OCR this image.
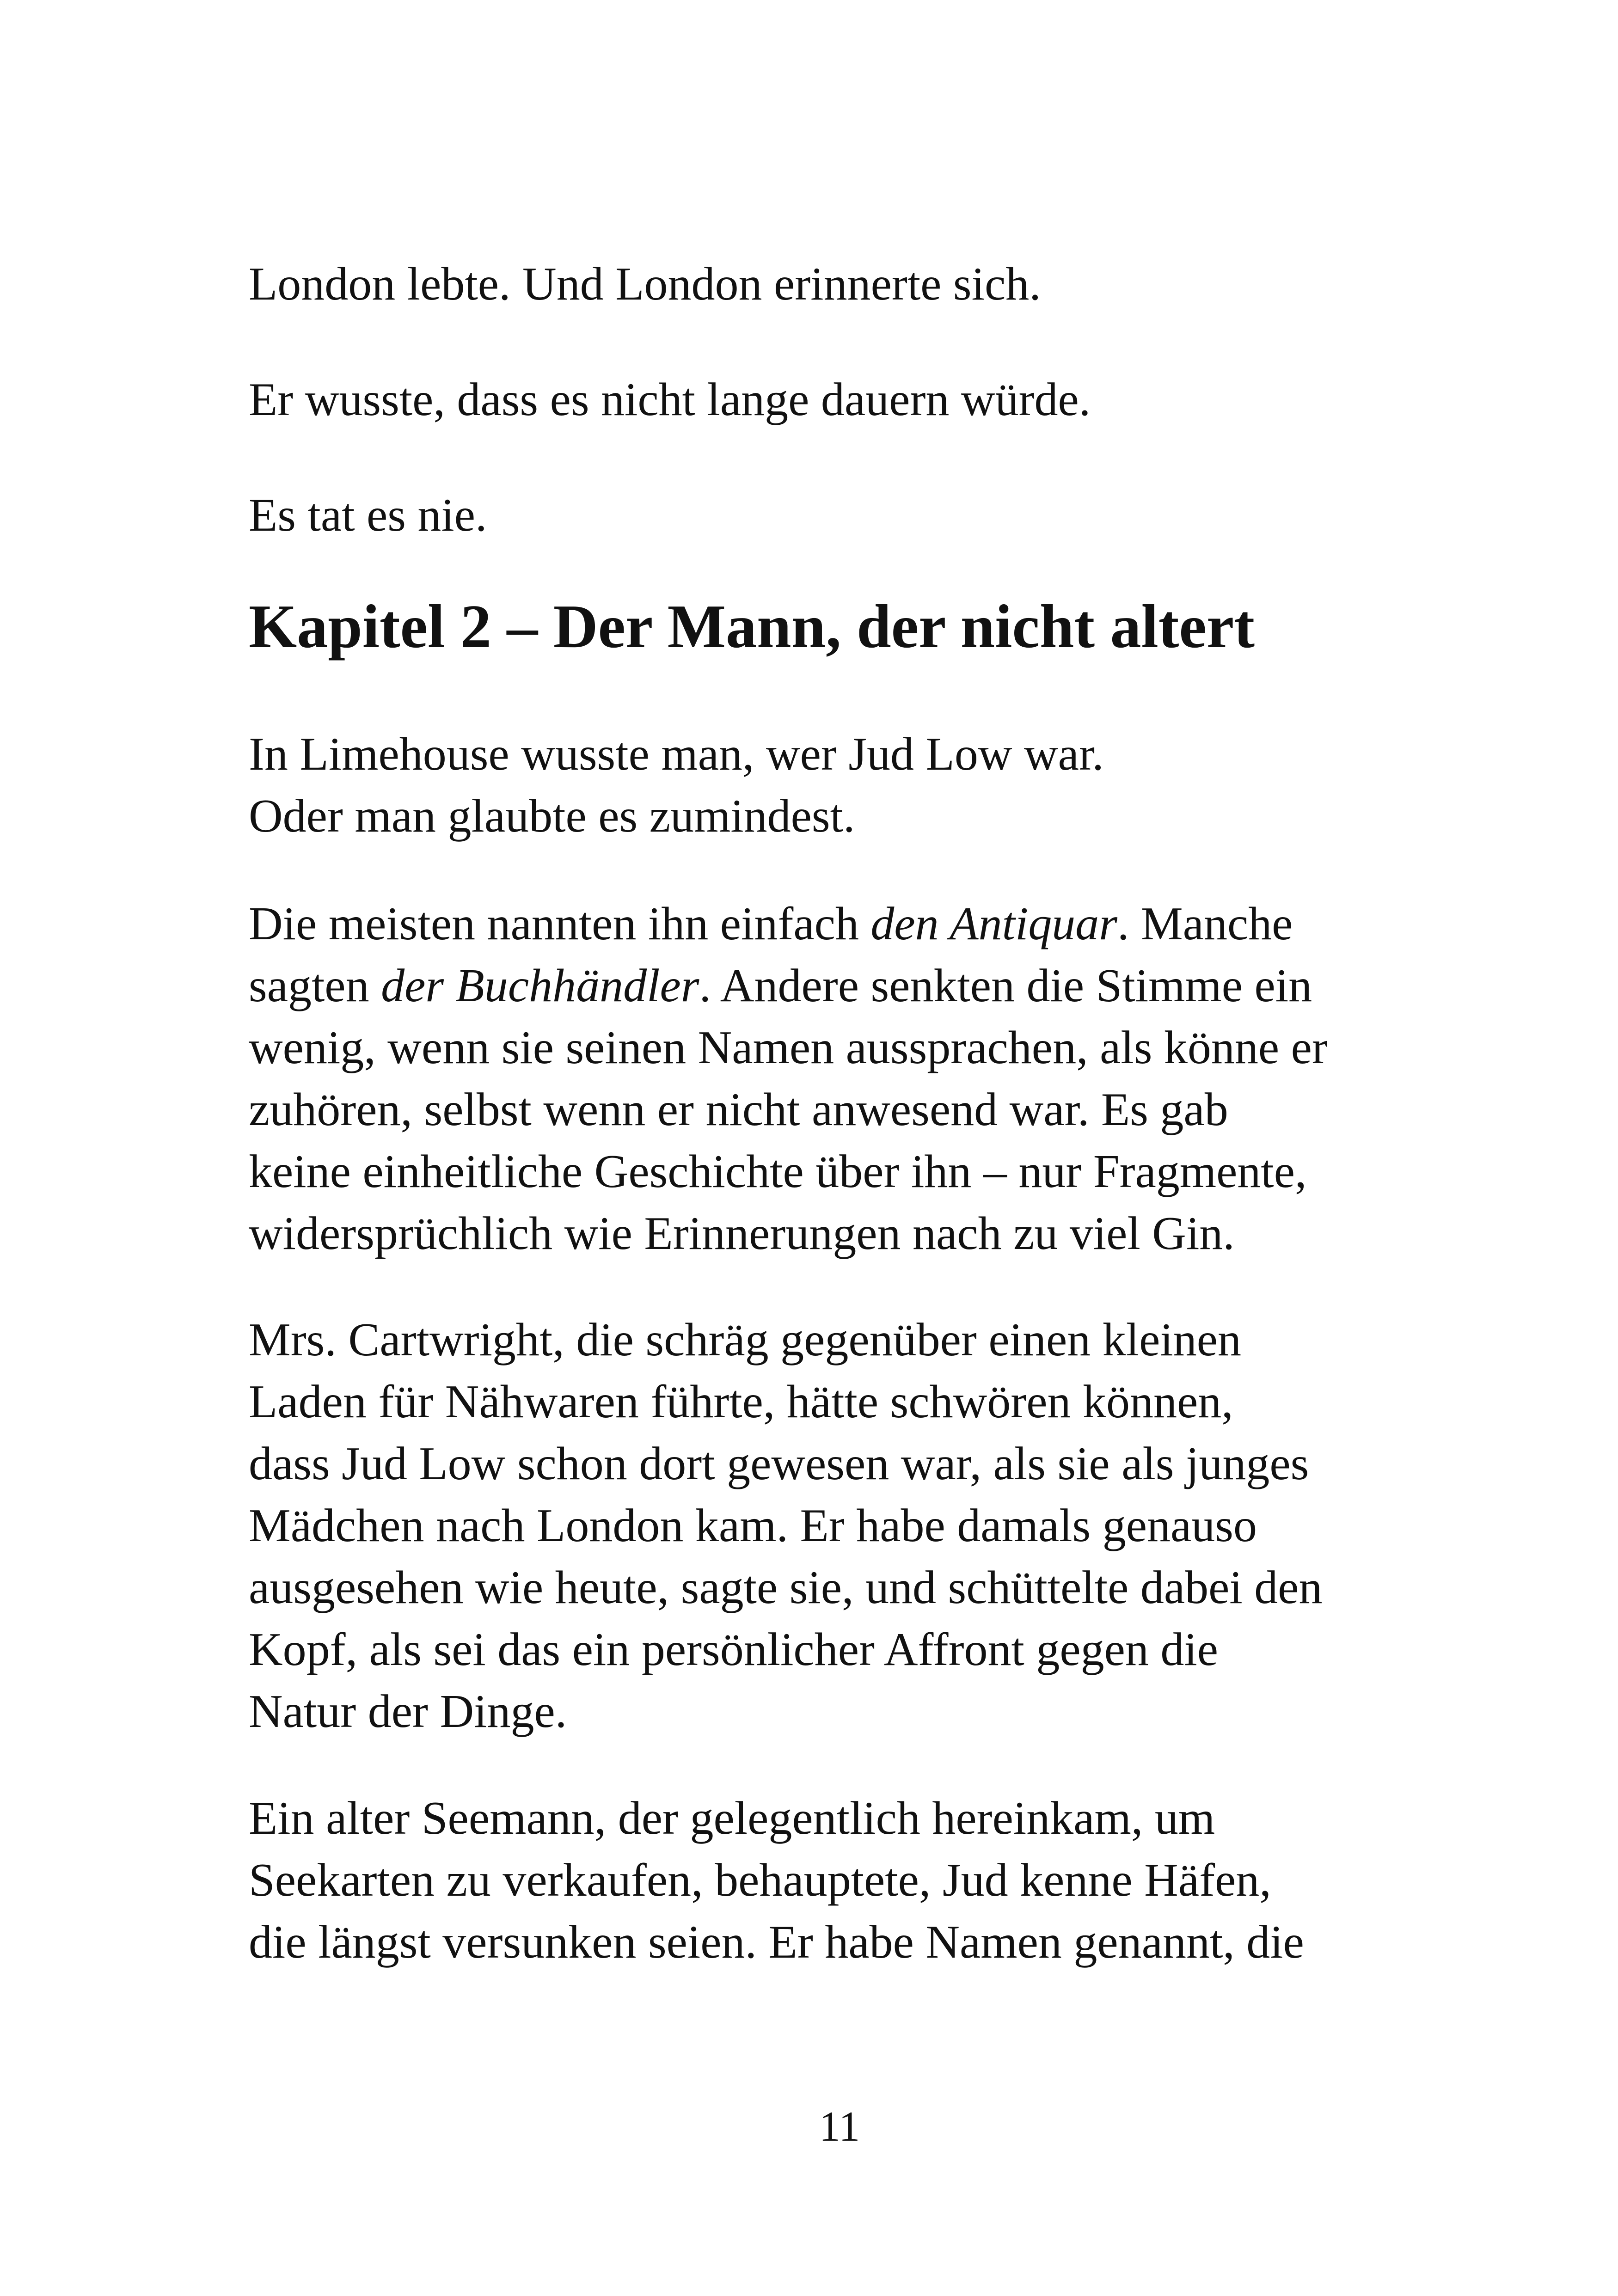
London lebte. Und London erinnerte sich.

Er wusste, dass es nicht lange dauern würde.

Es tat es nie.

Kapitel 2 – Der Mann, der nicht altert

In Limehouse wusste man, wer Jud Low war.
Oder man glaubte es zumindest.

Die meisten nannten ihn einfach den Antiquar. Manche
sagten der Buchhändler. Andere senkten die Stimme ein
wenig, wenn sie seinen Namen aussprachen, als könne er
zuhören, selbst wenn er nicht anwesend war. Es gab
keine einheitliche Geschichte über ihn – nur Fragmente,
widersprüchlich wie Erinnerungen nach zu viel Gin.

Mrs. Cartwright, die schräg gegenüber einen kleinen
Laden für Nähwaren führte, hätte schwören können,
dass Jud Low schon dort gewesen war, als sie als junges
Mädchen nach London kam. Er habe damals genauso
ausgesehen wie heute, sagte sie, und schüttelte dabei den
Kopf, als sei das ein persönlicher Affront gegen die
Natur der Dinge.

Ein alter Seemann, der gelegentlich hereinkam, um
Seekarten zu verkaufen, behauptete, Jud kenne Häfen,
die längst versunken seien. Er habe Namen genannt, die

11
